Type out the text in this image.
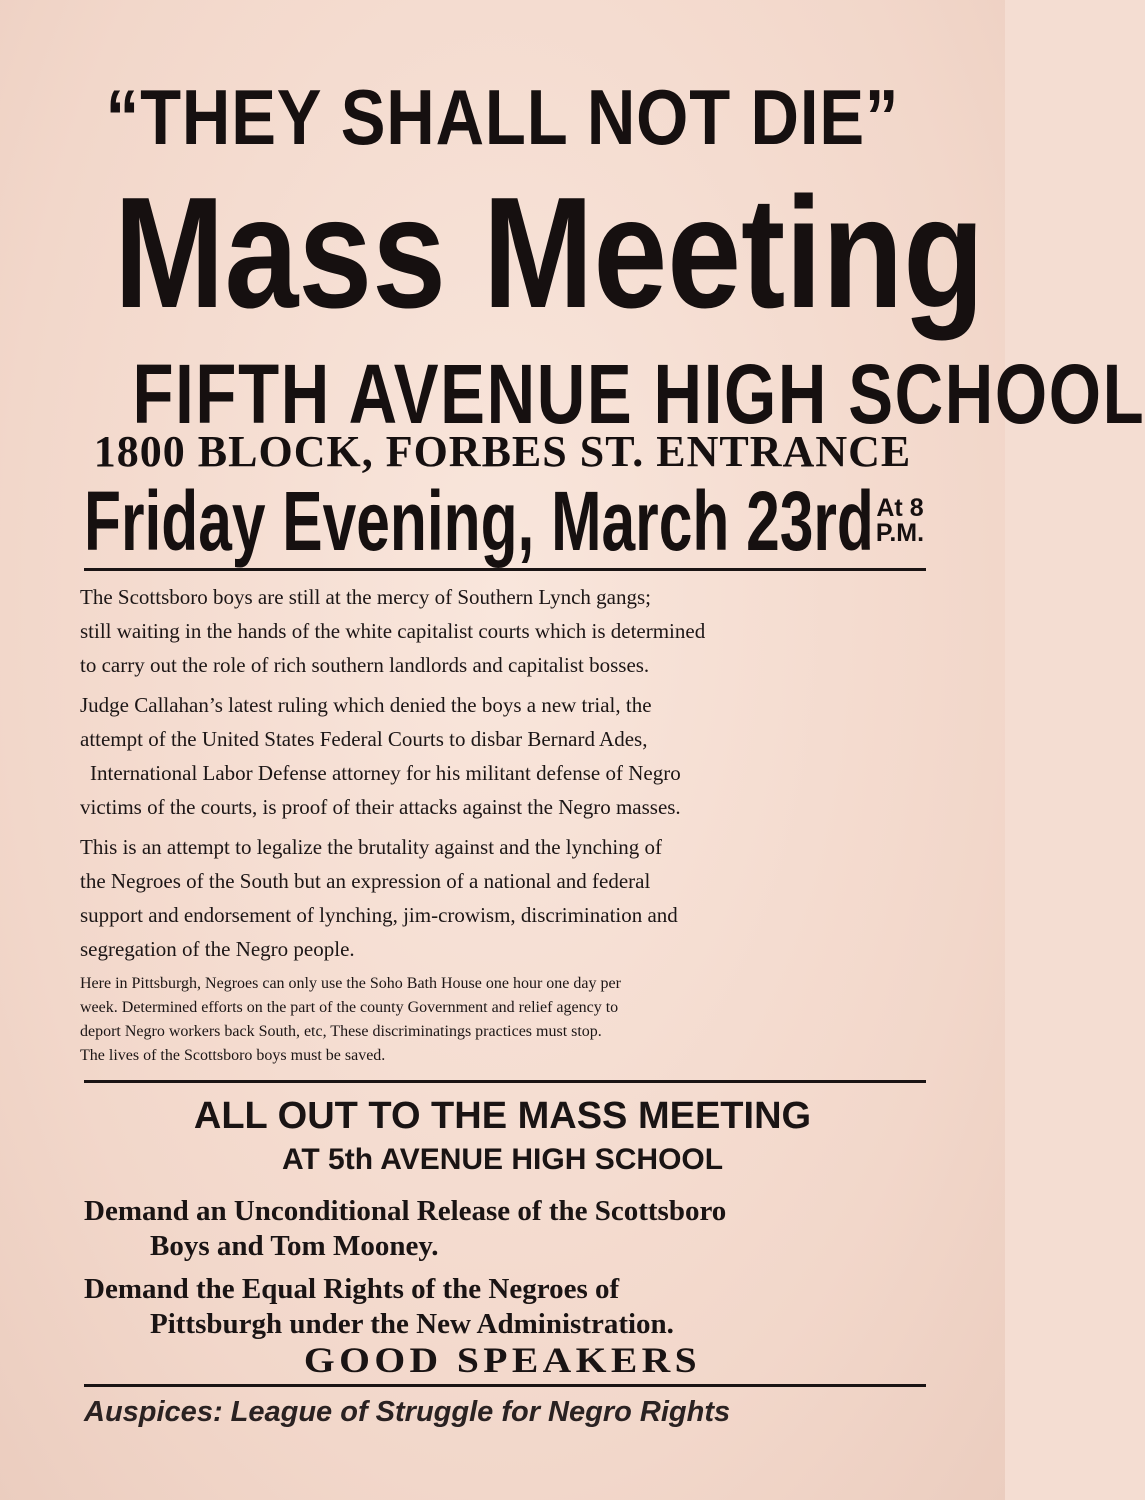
“THEY SHALL NOT DIE”
Mass Meeting
FIFTH AVENUE HIGH SCHOOL
1800 BLOCK, FORBES ST. ENTRANCE
Friday Evening, March 23rd At 8
P.M.

The Scottsboro boys are still at the mercy of Southern Lynch gangs;
still waiting in the hands of the white capitalist courts which is determined
to carry out the role of rich southern landlords and capitalist bosses.

Judge Callahan’s latest ruling which denied the boys a new trial, the
attempt of the United States Federal Courts to disbar Bernard Ades,
International Labor Defense attorney for his militant defense of Negro
victims of the courts, is proof of their attacks against the Negro masses.

This is an attempt to legalize the brutality against and the lynching of
the Negroes of the South but an expression of a national and federal
support and endorsement of lynching, jim-crowism, discrimination and
segregation of the Negro people.

Here in Pittsburgh, Negroes can only use the Soho Bath House one hour one day per
week. Determined efforts on the part of the county Government and relief agency to
deport Negro workers back South, etc, These discriminatings practices must stop.
The lives of the Scottsboro boys must be saved.

ALL OUT TO THE MASS MEETING
AT 5th AVENUE HIGH SCHOOL
Demand an Unconditional Release of the Scottsboro
Boys and Tom Mooney.
Demand the Equal Rights of the Negroes of
Pittsburgh under the New Administration.
GOOD SPEAKERS
Auspices: League of Struggle for Negro Rights
